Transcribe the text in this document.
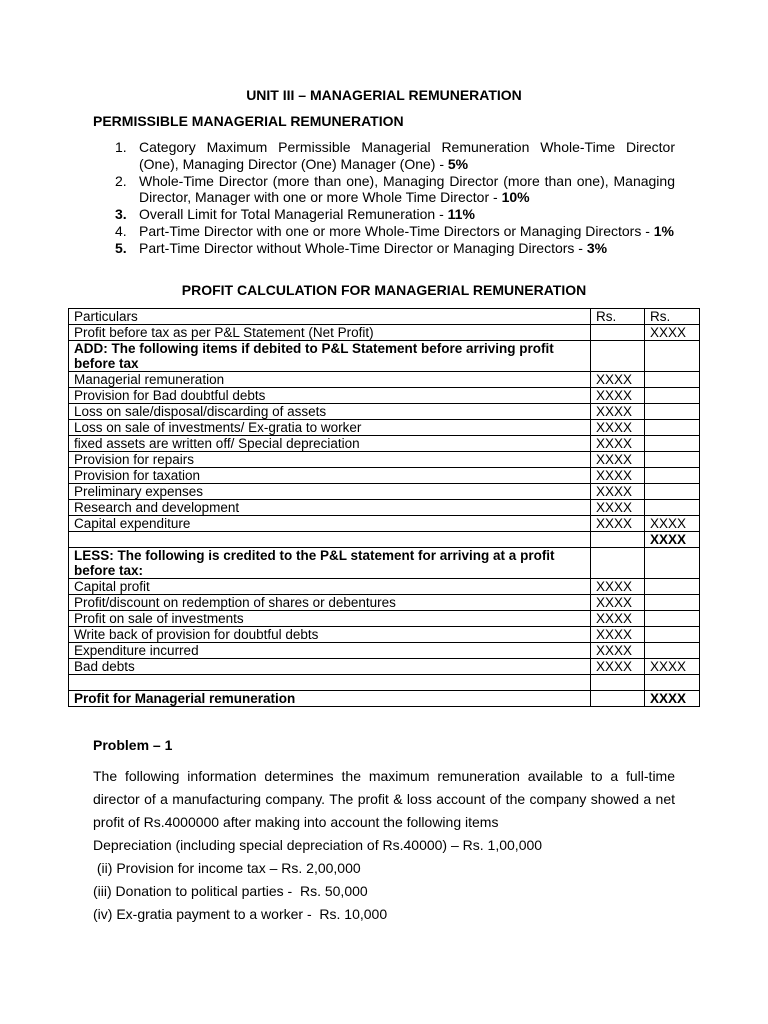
UNIT III – MANAGERIAL REMUNERATION
PERMISSIBLE MANAGERIAL REMUNERATION
1. Category Maximum Permissible Managerial Remuneration Whole-Time Director (One), Managing Director (One) Manager (One) - 5%
2. Whole-Time Director (more than one), Managing Director (more than one), Managing Director, Manager with one or more Whole Time Director - 10%
3. Overall Limit for Total Managerial Remuneration - 11%
4. Part-Time Director with one or more Whole-Time Directors or Managing Directors - 1%
5. Part-Time Director without Whole-Time Director or Managing Directors - 3%
PROFIT CALCULATION FOR MANAGERIAL REMUNERATION
Particulars	Rs.	Rs.
Profit before tax as per P&L Statement (Net Profit)		XXXX
ADD: The following items if debited to P&L Statement before arriving profit before tax		
Managerial remuneration	XXXX	
Provision for Bad doubtful debts	XXXX	
Loss on sale/disposal/discarding of assets	XXXX	
Loss on sale of investments/ Ex-gratia to worker	XXXX	
fixed assets are written off/ Special depreciation	XXXX	
Provision for repairs	XXXX	
Provision for taxation	XXXX	
Preliminary expenses	XXXX	
Research and development	XXXX	
Capital expenditure	XXXX	XXXX
		XXXX
LESS: The following is credited to the P&L statement for arriving at a profit before tax:		
Capital profit	XXXX	
Profit/discount on redemption of shares or debentures	XXXX	
Profit on sale of investments	XXXX	
Write back of provision for doubtful debts	XXXX	
Expenditure incurred	XXXX	
Bad debts	XXXX	XXXX

Profit for Managerial remuneration		XXXX
Problem – 1

The following information determines the maximum remuneration available to a full-time director of a manufacturing company. The profit & loss account of the company showed a net profit of Rs.4000000 after making into account the following items

Depreciation (including special depreciation of Rs.40000) – Rs. 1,00,000
(ii) Provision for income tax – Rs. 2,00,000
(iii) Donation to political parties -  Rs. 50,000
(iv) Ex-gratia payment to a worker -  Rs. 10,000
